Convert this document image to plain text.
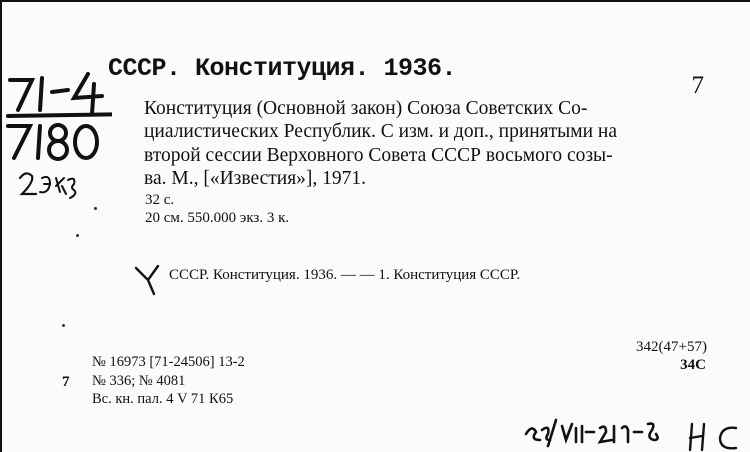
СССР. Конституция. 1936.
7
Конституция (Основной закон) Союза Советских Со-
циалистических Республик. С изм. и доп., принятыми на
второй сессии Верховного Совета СССР восьмого созы-
ва. М., [«Известия»], 1971.
32 с.
20 см. 550.000 экз. 3 к.
СССР. Конституция. 1936. — — 1. Конституция СССР.
342(47+57)
34С
№ 16973 [71-24506] 13-2
7 № 336; № 4081
Вс. кн. пал. 4 V 71 К65
